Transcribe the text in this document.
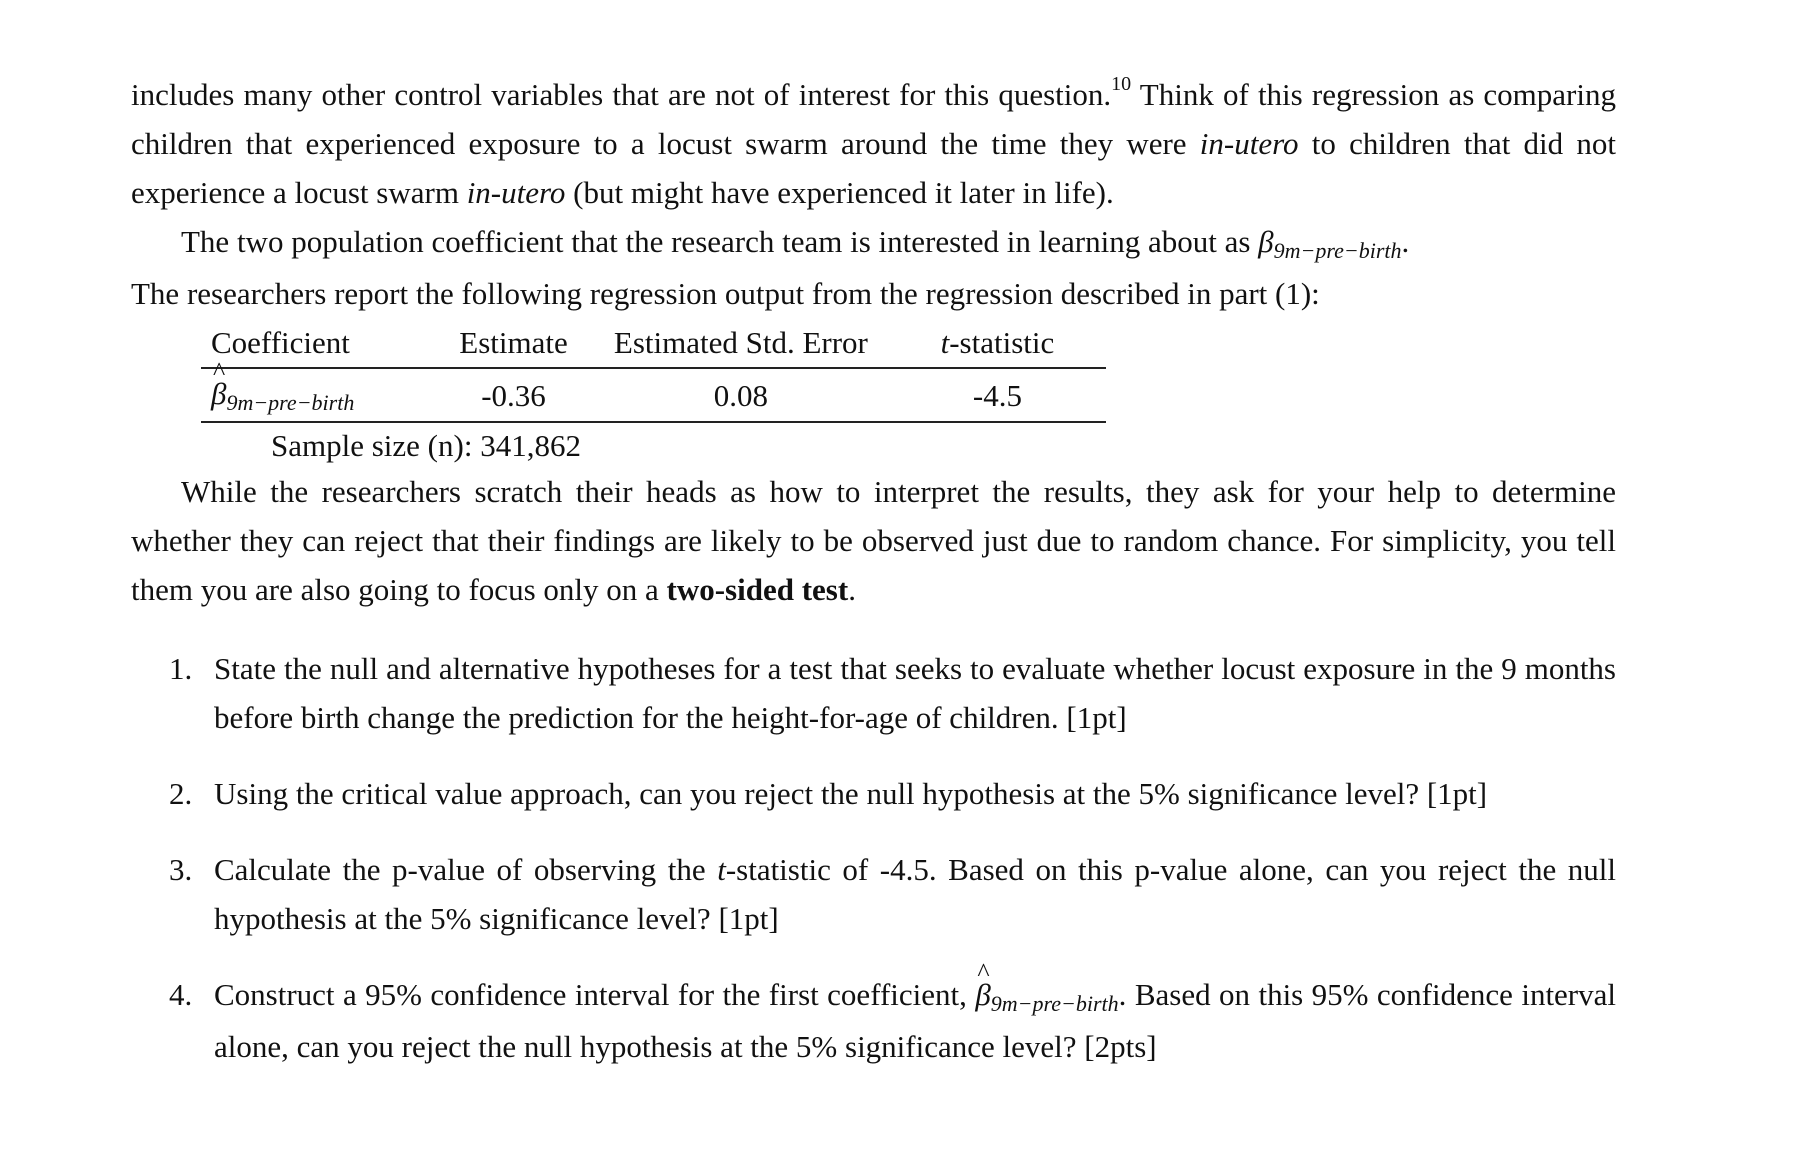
includes many other control variables that are not of interest for this question.$^{10}$ Think of this regression as comparing children that experienced exposure to a locust swarm around the time they were in-utero to children that did not experience a locust swarm in-utero (but might have experienced it later in life).

The two population coefficient that the research team is interested in learning about as β9m−pre−birth.

The researchers report the following regression output from the regression described in part (1):

Coefficient	Estimate	Estimated Std. Error	t-statistic
β ^9m−pre−birth	-0.36	0.08	-4.5
Sample size (n): 341,862

While the researchers scratch their heads as how to interpret the results, they ask for your help to determine whether they can reject that their findings are likely to be observed just due to random chance. For simplicity, you tell them you are also going to focus only on a two-sided test.

1. State the null and alternative hypotheses for a test that seeks to evaluate whether locust exposure in the 9 months before birth change the prediction for the height-for-age of children. [1pt]
2. Using the critical value approach, can you reject the null hypothesis at the 5% significance level? [1pt]
3. Calculate the p-value of observing the t-statistic of -4.5. Based on this p-value alone, can you reject the null hypothesis at the 5% significance level? [1pt]
4. Construct a 95% confidence interval for the first coefficient, β ^9m−pre−birth. Based on this 95% confidence interval alone, can you reject the null hypothesis at the 5% significance level? [2pts]
